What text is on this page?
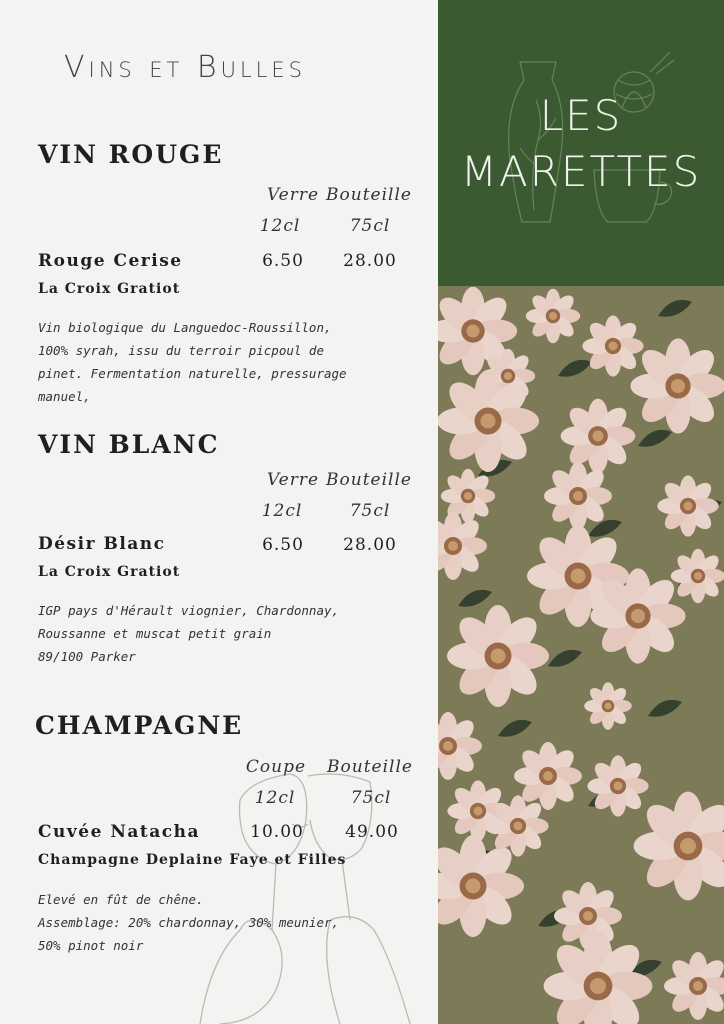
LES
MARETTES
Vins et Bulles
VIN ROUGE
Verre Bouteille
12cl	75cl
Rouge Cerise	6.50	28.00
La Croix Gratiot
Vin biologique du Languedoc-Roussillon,
100% syrah, issu du terroir picpoul de
pinet. Fermentation naturelle, pressurage
manuel,
VIN BLANC
Verre Bouteille
12cl	75cl
Désir Blanc	6.50	28.00
La Croix Gratiot
IGP pays d'Hérault viognier, Chardonnay,
Roussanne et muscat petit grain
89/100 Parker
CHAMPAGNE
Coupe	Bouteille
12cl	75cl
Cuvée Natacha	10.00	49.00
Champagne Deplaine Faye et Filles
Elevé en fût de chêne.
Assemblage: 20% chardonnay, 30% meunier,
50% pinot noir
